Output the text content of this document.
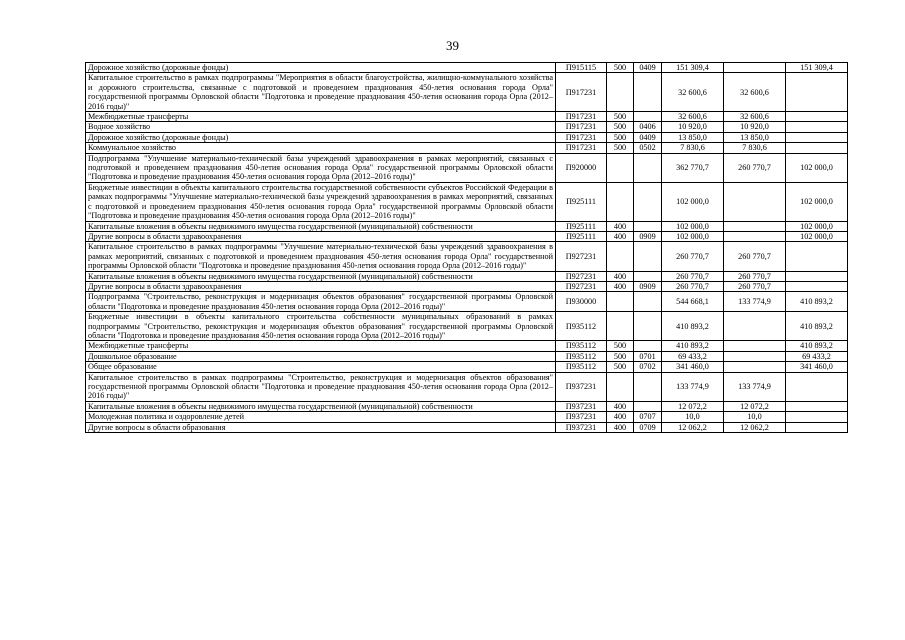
39
Дорожное хозяйство (дорожные фонды)	П915115	500	0409	151 309,4		151 309,4
Капитальное строительство в рамках подпрограммы "Мероприятия в области благоустройства, жилищно-коммунального хозяйства и дорожного строительства, связанные с подготовкой и проведением празднования 450-летия основания города Орла" государственной программы Орловской области "Подготовка и проведение празднования 450-летия основания города Орла (2012–2016 годы)"	П917231			32 600,6	32 600,6	
Межбюджетные трансферты	П917231	500		32 600,6	32 600,6	
Водное хозяйство	П917231	500	0406	10 920,0	10 920,0	
Дорожное хозяйство (дорожные фонды)	П917231	500	0409	13 850,0	13 850,0	
Коммунальное хозяйство	П917231	500	0502	7 830,6	7 830,6	
Подпрограмма "Улучшение материально-технической базы учреждений здравоохранения в рамках мероприятий, связанных с подготовкой и проведением празднования 450-летия основания города Орла" государственной программы Орловской области "Подготовка и проведение празднования 450-летия основания города Орла (2012–2016 годы)"	П920000			362 770,7	260 770,7	102 000,0
Бюджетные инвестиции в объекты капитального строительства государственной собственности субъектов Российской Федерации в рамках подпрограммы "Улучшение материально-технической базы учреждений здравоохранения в рамках мероприятий, связанных с подготовкой и проведением празднования 450-летия основания города Орла" государственной программы Орловской области "Подготовка и проведение празднования 450-летия основания города Орла (2012–2016 годы)"	П925111			102 000,0		102 000,0
Капитальные вложения в объекты недвижимого имущества государственной (муниципальной) собственности	П925111	400		102 000,0		102 000,0
Другие вопросы в области здравоохранения	П925111	400	0909	102 000,0		102 000,0
Капитальное строительство в рамках подпрограммы "Улучшение материально-технической базы учреждений здравоохранения в рамках мероприятий, связанных с подготовкой и проведением празднования 450-летия основания города Орла" государственной программы Орловской области "Подготовка и проведение празднования 450-летия основания города Орла (2012–2016 годы)"	П927231			260 770,7	260 770,7	
Капитальные вложения в объекты недвижимого имущества государственной (муниципальной) собственности	П927231	400		260 770,7	260 770,7	
Другие вопросы в области здравоохранения	П927231	400	0909	260 770,7	260 770,7	
Подпрограмма "Строительство, реконструкция и модернизация объектов образования" государственной программы Орловской области "Подготовка и проведение празднования 450-летия основания города Орла (2012–2016 годы)"	П930000			544 668,1	133 774,9	410 893,2
Бюджетные инвестиции в объекты капитального строительства собственности муниципальных образований в рамках подпрограммы "Строительство, реконструкция и модернизация объектов образования" государственной программы Орловской области "Подготовка и проведение празднования 450-летия основания города Орла (2012–2016 годы)"	П935112			410 893,2		410 893,2
Межбюджетные трансферты	П935112	500		410 893,2		410 893,2
Дошкольное образование	П935112	500	0701	69 433,2		69 433,2
Общее образование	П935112	500	0702	341 460,0		341 460,0
Капитальное строительство в рамках подпрограммы "Строительство, реконструкция и модернизация объектов образования" государственной программы Орловской области "Подготовка и проведение празднования 450-летия основания города Орла (2012–2016 годы)"	П937231			133 774,9	133 774,9	
Капитальные вложения в объекты недвижимого имущества государственной (муниципальной) собственности	П937231	400		12 072,2	12 072,2	
Молодежная политика и оздоровление детей	П937231	400	0707	10,0	10,0	
Другие вопросы в области образования	П937231	400	0709	12 062,2	12 062,2	
